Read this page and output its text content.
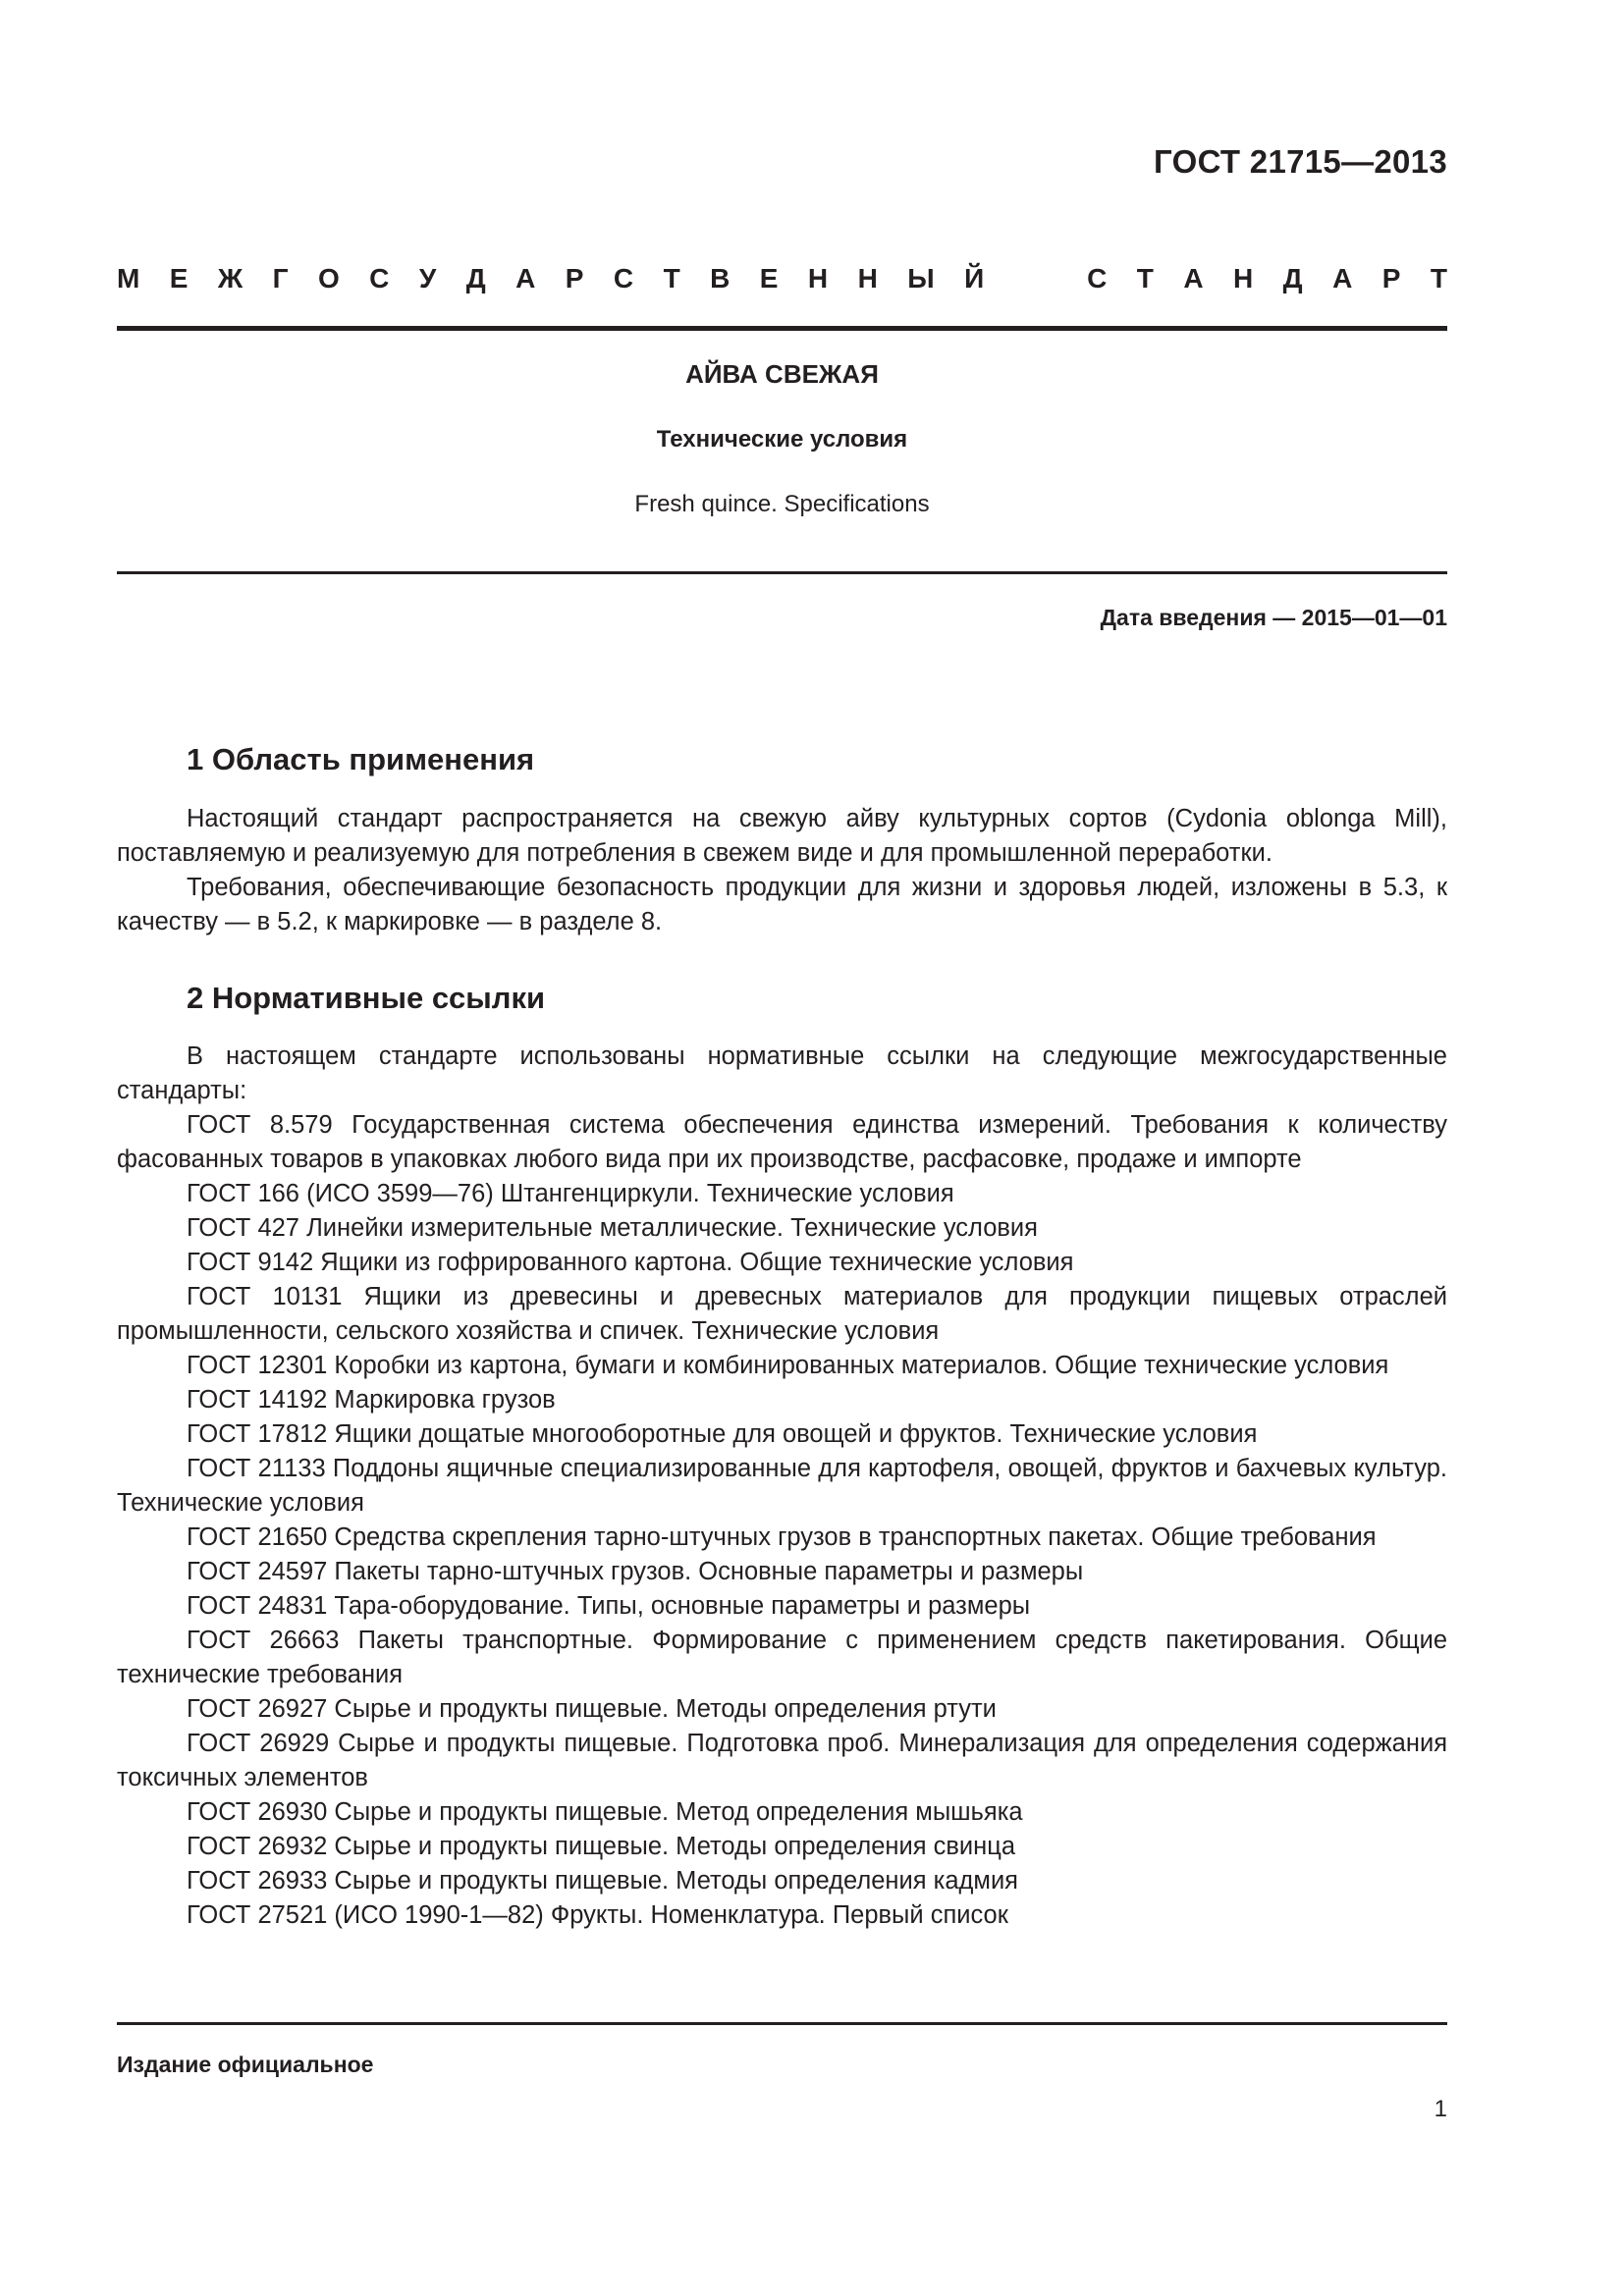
ГОСТ 21715—2013
М Е Ж Г О С У Д А Р С Т В Е Н Н Ы Й	С Т А Н Д А Р Т
АЙВА СВЕЖАЯ
Технические условия
Fresh quince. Specifications
Дата введения — 2015—01—01
1 Область применения

Настоящий стандарт распространяется на свежую айву культурных сортов (Cydonia oblonga Mill), поставляемую и реализуемую для потребления в свежем виде и для промышленной переработки.

Требования, обеспечивающие безопасность продукции для жизни и здоровья людей, изложены в 5.3, к качеству — в 5.2, к маркировке — в разделе 8.

2 Нормативные ссылки

В настоящем стандарте использованы нормативные ссылки на следующие межгосударственные стандарты:

ГОСТ 8.579 Государственная система обеспечения единства измерений. Требования к количеству фасованных товаров в упаковках любого вида при их производстве, расфасовке, продаже и импорте

ГОСТ 166 (ИСО 3599—76) Штангенциркули. Технические условия

ГОСТ 427 Линейки измерительные металлические. Технические условия

ГОСТ 9142 Ящики из гофрированного картона. Общие технические условия

ГОСТ 10131 Ящики из древесины и древесных материалов для продукции пищевых отраслей промышленности, сельского хозяйства и спичек. Технические условия

ГОСТ 12301 Коробки из картона, бумаги и комбинированных материалов. Общие технические условия

ГОСТ 14192 Маркировка грузов

ГОСТ 17812 Ящики дощатые многооборотные для овощей и фруктов. Технические условия

ГОСТ 21133 Поддоны ящичные специализированные для картофеля, овощей, фруктов и бахчевых культур. Технические условия

ГОСТ 21650 Средства скрепления тарно-штучных грузов в транспортных пакетах. Общие требования

ГОСТ 24597 Пакеты тарно-штучных грузов. Основные параметры и размеры

ГОСТ 24831 Тара-оборудование. Типы, основные параметры и размеры

ГОСТ 26663 Пакеты транспортные. Формирование с применением средств пакетирования. Общие технические требования

ГОСТ 26927 Сырье и продукты пищевые. Методы определения ртути

ГОСТ 26929 Сырье и продукты пищевые. Подготовка проб. Минерализация для определения содержания токсичных элементов

ГОСТ 26930 Сырье и продукты пищевые. Метод определения мышьяка

ГОСТ 26932 Сырье и продукты пищевые. Методы определения свинца

ГОСТ 26933 Сырье и продукты пищевые. Методы определения кадмия

ГОСТ 27521 (ИСО 1990-1—82) Фрукты. Номенклатура. Первый список

Издание официальное
1
